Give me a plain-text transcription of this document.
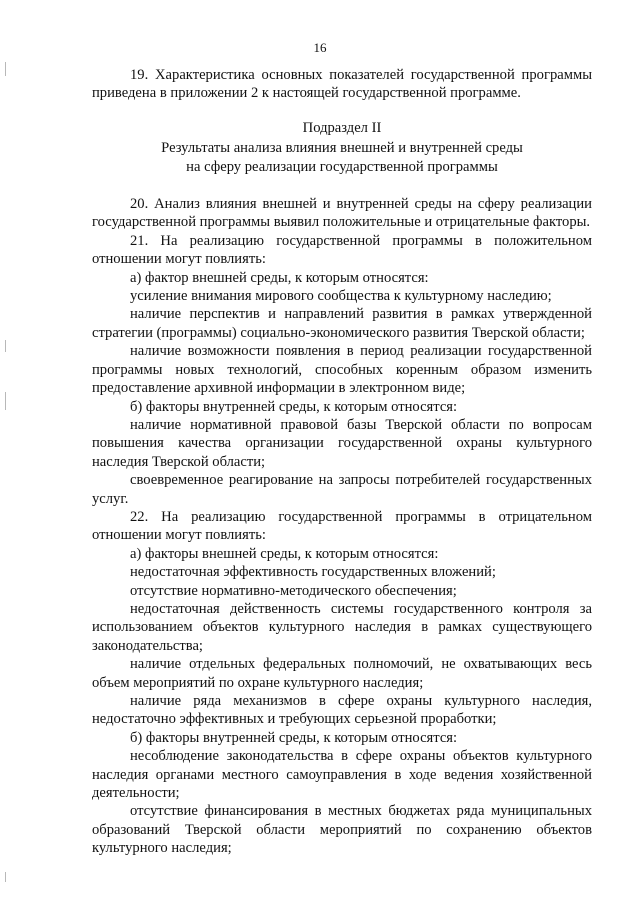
16

19. Характеристика основных показателей государственной программы приведена в приложении 2 к настоящей государственной программе.

Подраздел II

Результаты анализа влияния внешней и внутренней среды

на сферу реализации государственной программы

20. Анализ влияния внешней и внутренней среды на сферу реализации государственной программы выявил положительные и отрицательные факторы.

21. На реализацию государственной программы в положительном отношении могут повлиять:

а) фактор внешней среды, к которым относятся:

усиление внимания мирового сообщества к культурному наследию;

наличие перспектив и направлений развития в рамках утвержденной стратегии (программы) социально-экономического развития Тверской области;

наличие возможности появления в период реализации государственной программы новых технологий, способных коренным образом изменить предоставление архивной информации в электронном виде;

б) факторы внутренней среды, к которым относятся:

наличие нормативной правовой базы Тверской области по вопросам повышения качества организации государственной охраны культурного наследия Тверской области;

своевременное реагирование на запросы потребителей государственных услуг.

22. На реализацию государственной программы в отрицательном отношении могут повлиять:

а) факторы внешней среды, к которым относятся:

недостаточная эффективность государственных вложений;

отсутствие нормативно-методического обеспечения;

недостаточная действенность системы государственного контроля за использованием объектов культурного наследия в рамках существующего законодательства;

наличие отдельных федеральных полномочий, не охватывающих весь объем мероприятий по охране культурного наследия;

наличие ряда механизмов в сфере охраны культурного наследия, недостаточно эффективных и требующих серьезной проработки;

б) факторы внутренней среды, к которым относятся:

несоблюдение законодательства в сфере охраны объектов культурного наследия органами местного самоуправления в ходе ведения хозяйственной деятельности;

отсутствие финансирования в местных бюджетах ряда муниципальных образований Тверской области мероприятий по сохранению объектов культурного наследия;
